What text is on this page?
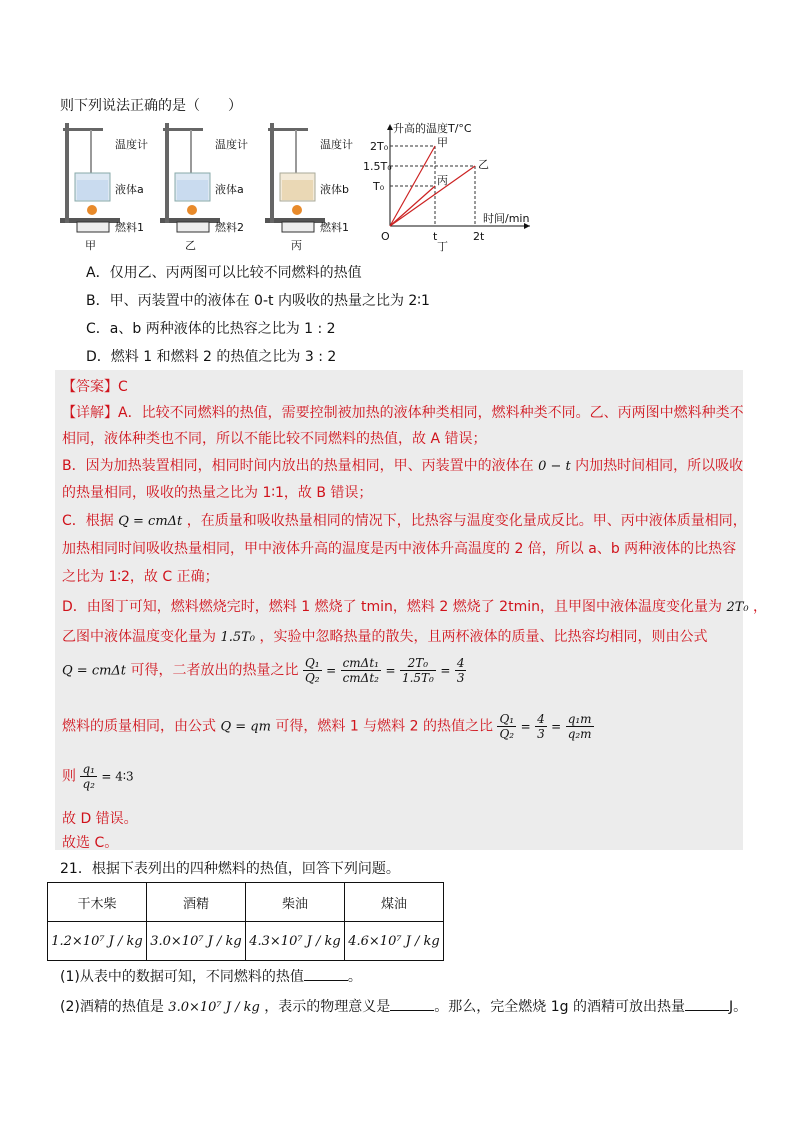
则下列说法正确的是（　　）
温度计
液体a
燃料1
甲
温度计
液体a
燃料2
乙
温度计
液体b
燃料1
丙
升高的温度T/°C
时间/min
2T₀
1.5T₀
T₀
O	t	2t
丁
甲
乙
丙
A．仅用乙、丙两图可以比较不同燃料的热值
B．甲、丙装置中的液体在 0-t 内吸收的热量之比为 2∶1
C．a、b 两种液体的比热容之比为 1 : 2
D．燃料 1 和燃料 2 的热值之比为 3 : 2
【答案】C
【详解】A．比较不同燃料的热值，需要控制被加热的液体种类相同，燃料种类不同。乙、丙两图中燃料种类不
相同，液体种类也不同，所以不能比较不同燃料的热值，故 A 错误；
B．因为加热装置相同，相同时间内放出的热量相同，甲、丙装置中的液体在 0 − t 内加热时间相同，所以吸收
的热量相同，吸收的热量之比为 1∶1，故 B 错误；
C．根据 Q = cmΔt ，在质量和吸收热量相同的情况下，比热容与温度变化量成反比。甲、丙中液体质量相同，
加热相同时间吸收热量相同，甲中液体升高的温度是丙中液体升高温度的 2 倍，所以 a、b 两种液体的比热容
之比为 1∶2，故 C 正确；
D．由图丁可知，燃料燃烧完时，燃料 1 燃烧了 tmin，燃料 2 燃烧了 2tmin，且甲图中液体温度变化量为 2T₀ ，
乙图中液体温度变化量为 1.5T₀ ，实验中忽略热量的散失，且两杯液体的质量、比热容均相同，则由公式
Q = cmΔt 可得，二者放出的热量之比 $\frac{\text{Q₁}}{\text{Q₂}} = \frac{\text{cmΔt₁}}{\text{cmΔt₂}} = \frac{\text{2T₀}}{\text{1.5T₀}} = \frac{4}{3}$
燃料的质量相同，由公式 Q = qm 可得，燃料 1 与燃料 2 的热值之比 $\frac{\text{Q₁}}{\text{Q₂}} = \frac{4}{3} = \frac{\text{q₁m}}{\text{q₂m}}$
则 $\frac{\text{q₁}}{\text{q₂}}$ = 4∶3
故 D 错误。
故选 C。
21．根据下表列出的四种燃料的热值，回答下列问题。
干木柴	酒精	柴油	煤油
1.2×10⁷ J / kg	3.0×10⁷ J / kg	4.3×10⁷ J / kg	4.6×10⁷ J / kg
(1)从表中的数据可知，不同燃料的热值	。
(2)酒精的热值是 3.0×10⁷ J / kg ，表示的物理意义是	。那么，完全燃烧 1g 的酒精可放出热量	J。
